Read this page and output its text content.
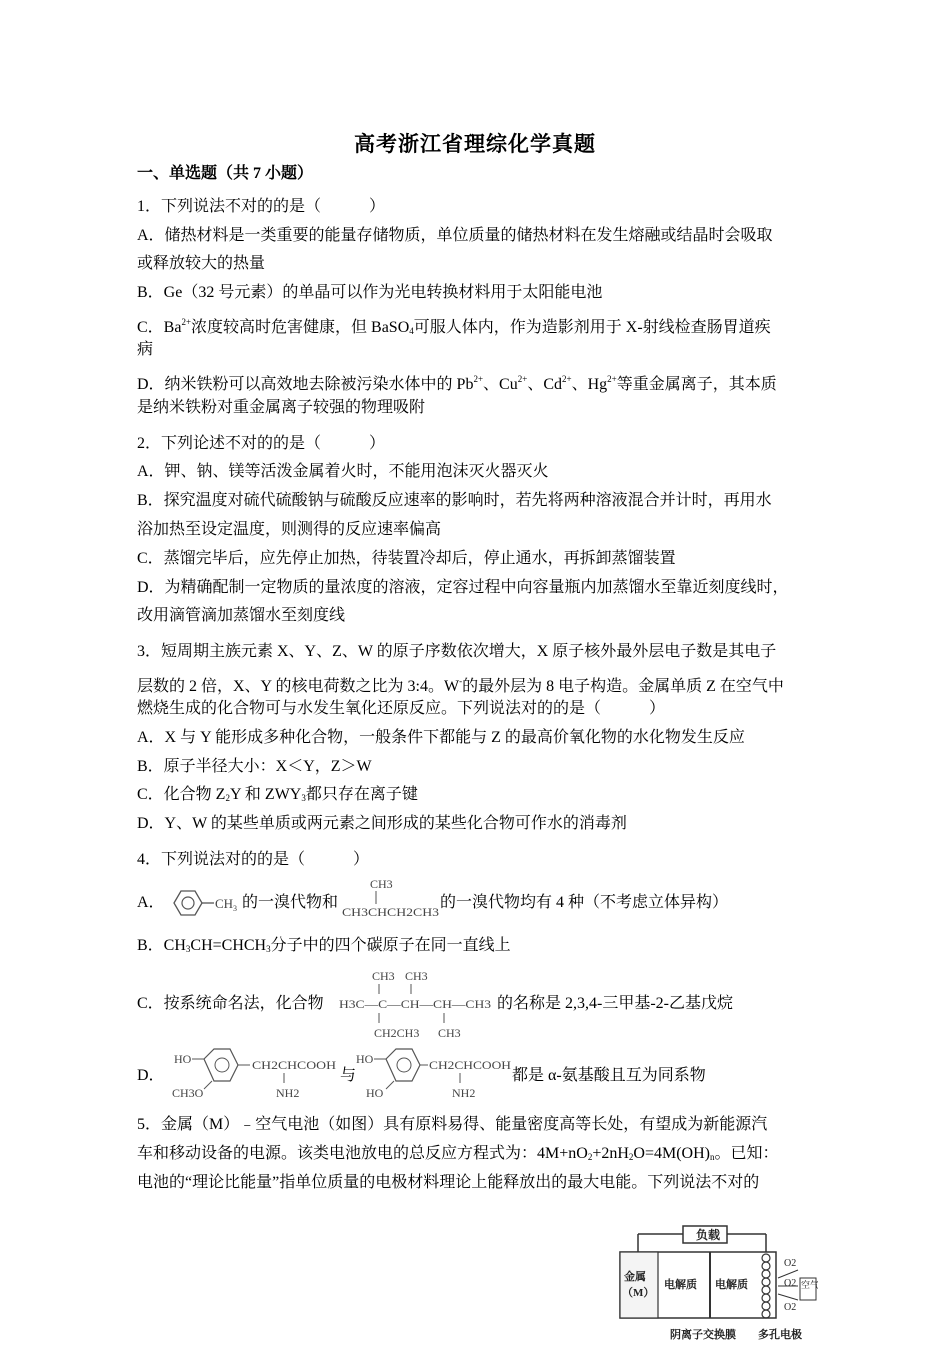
高考浙江省理综化学真题
一、单选题（共 7 小题）
1．下列说法不对的的是（　　　）
A．储热材料是一类重要的能量存储物质，单位质量的储热材料在发生熔融或结晶时会吸取
或释放较大的热量
B．Ge（32 号元素）的单晶可以作为光电转换材料用于太阳能电池
C．$Ba^{2+}$浓度较高时危害健康，但 BaSO$_4$可服人体内，作为造影剂用于 X-射线检查肠胃道疾
病
D．纳米铁粉可以高效地去除被污染水体中的 $Pb^{2+}$、$Cu^{2+}$、$Cd^{2+}$、$Hg^{2+}$等重金属离子，其本质
是纳米铁粉对重金属离子较强的物理吸附
2．下列论述不对的的是（　　　）
A．钾、钠、镁等活泼金属着火时，不能用泡沫灭火器灭火
B．探究温度对硫代硫酸钠与硫酸反应速率的影响时，若先将两种溶液混合并计时，再用水
浴加热至设定温度，则测得的反应速率偏高
C．蒸馏完毕后，应先停止加热，待装置冷却后，停止通水，再拆卸蒸馏装置
D．为精确配制一定物质的量浓度的溶液，定容过程中向容量瓶内加蒸馏水至靠近刻度线时，
改用滴管滴加蒸馏水至刻度线
3．短周期主族元素 X、Y、Z、W 的原子序数依次增大，X 原子核外最外层电子数是其电子
层数的 2 倍，X、Y 的核电荷数之比为 3:4。W-的最外层为 8 电子构造。金属单质 Z 在空气中
燃烧生成的化合物可与水发生氧化还原反应。下列说法对的的是（　　　）
A．X 与 Y 能形成多种化合物，一般条件下都能与 Z 的最高价氧化物的水化物发生反应
B．原子半径大小：X＜Y，Z＞W
C．化合物 $Z_2Y$ 和 $ZWY_3$都只存在离子键
D．Y、W 的某些单质或两元素之间形成的某些化合物可作水的消毒剂
4．下列说法对的的是（　　　）
A．	CH 3 的一溴代物和
CH3
CH3CHCH2CH3
的一溴代物均有 4 种（不考虑立体异构）
B．$CH_3CH=CHCH_3$分子中的四个碳原子在同一直线上
C．按系统命名法，化合物
CH3 CH3
H3C—C—CH—CH—CH3
CH2CH3 CH3
的名称是 2,3,4-三甲基-2-乙基戊烷
D．
HO
CH3O
CH2CHCOOH
NH2
与
HO
HO
CH2CHCOOH
NH2
都是 α-氨基酸且互为同系物
5．金属（M）﹣空气电池（如图）具有原料易得、能量密度高等长处，有望成为新能源汽
车和移动设备的电源。该类电池放电的总反应方程式为：$4M+nO_2+2nH_2O=4M(OH)_n$。已知：
电池的“理论比能量”指单位质量的电极材料理论上能释放出的最大电能。下列说法不对的
负载
金属
（M）
电解质 电解质
O2
O2
O2
空气
阴离子交换膜 多孔电极
